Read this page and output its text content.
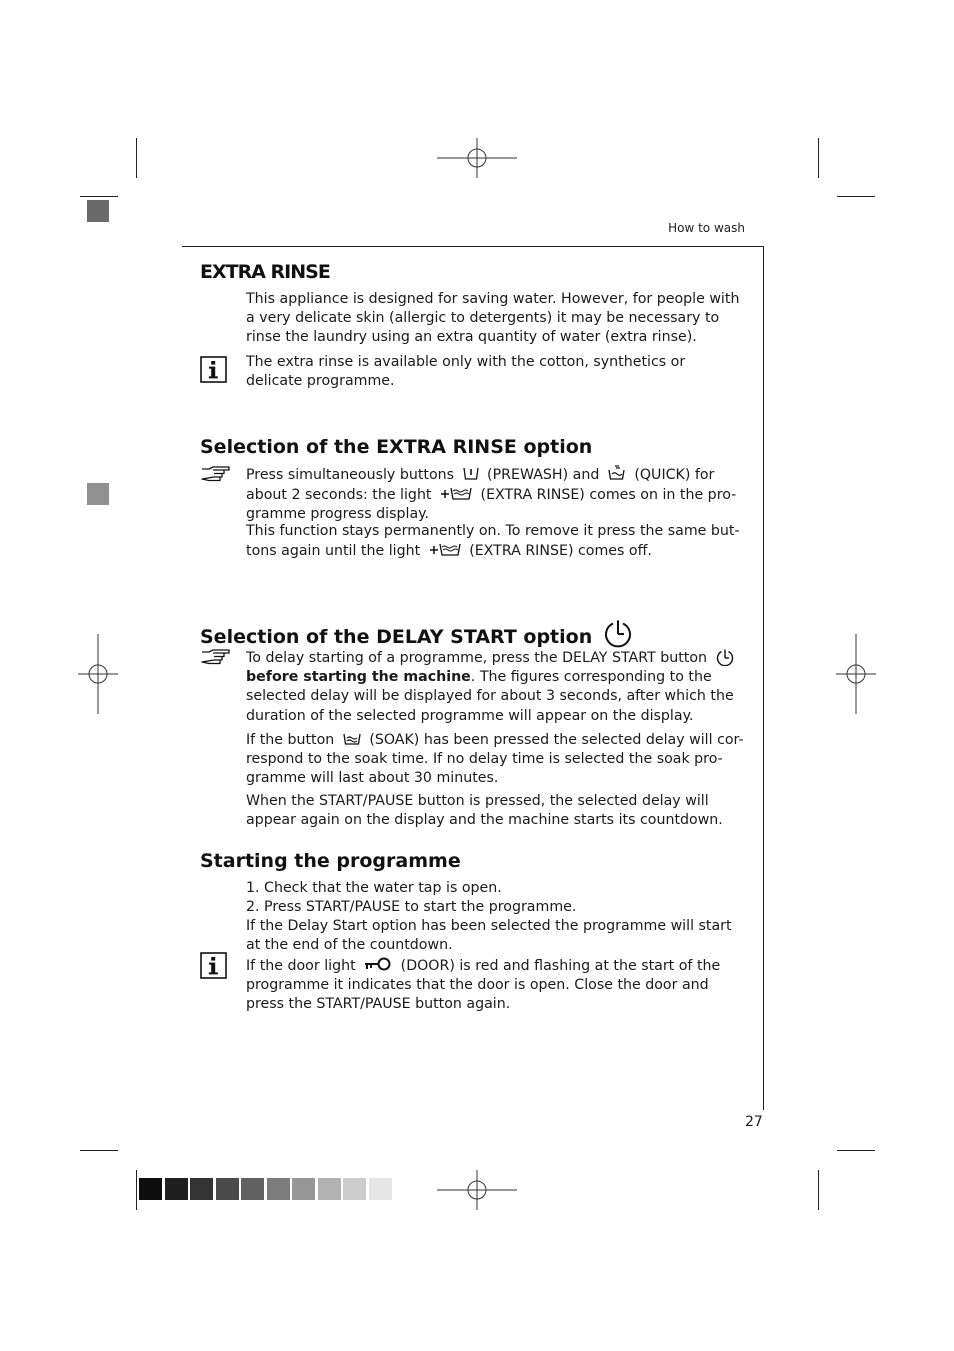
How to wash
EXTRA RINSE

This appliance is designed for saving water. However, for people with a very delicate skin (allergic to detergents) it may be necessary to rinse the laundry using an extra quantity of water (extra rinse).

The extra rinse is available only with the cotton, synthetics or delicate programme.

Selection of the EXTRA RINSE option

Press simultaneously buttons (PREWASH) and (QUICK) for about 2 seconds: the light	(EXTRA RINSE) comes on in the pro-gramme progress display.

This function stays permanently on. To remove it press the same but-tons again until the light	(EXTRA RINSE) comes off.

Selection of the DELAY START option

To delay starting of a programme, press the DELAY START button  before starting the machine. The figures corresponding to the selected delay will be displayed for about 3 seconds, after which the duration of the selected programme will appear on the display.

If the button (SOAK) has been pressed the selected delay will cor-respond to the soak time. If no delay time is selected the soak pro-gramme will last about 30 minutes.

When the START/PAUSE button is pressed, the selected delay will appear again on the display and the machine starts its countdown.

Starting the programme

1. Check that the water tap is open.

2. Press START/PAUSE to start the programme.

If the Delay Start option has been selected the programme will start at the end of the countdown.

If the door light	(DOOR) is red and flashing at the start of the programme it indicates that the door is open. Close the door and press the START/PAUSE button again.

27
